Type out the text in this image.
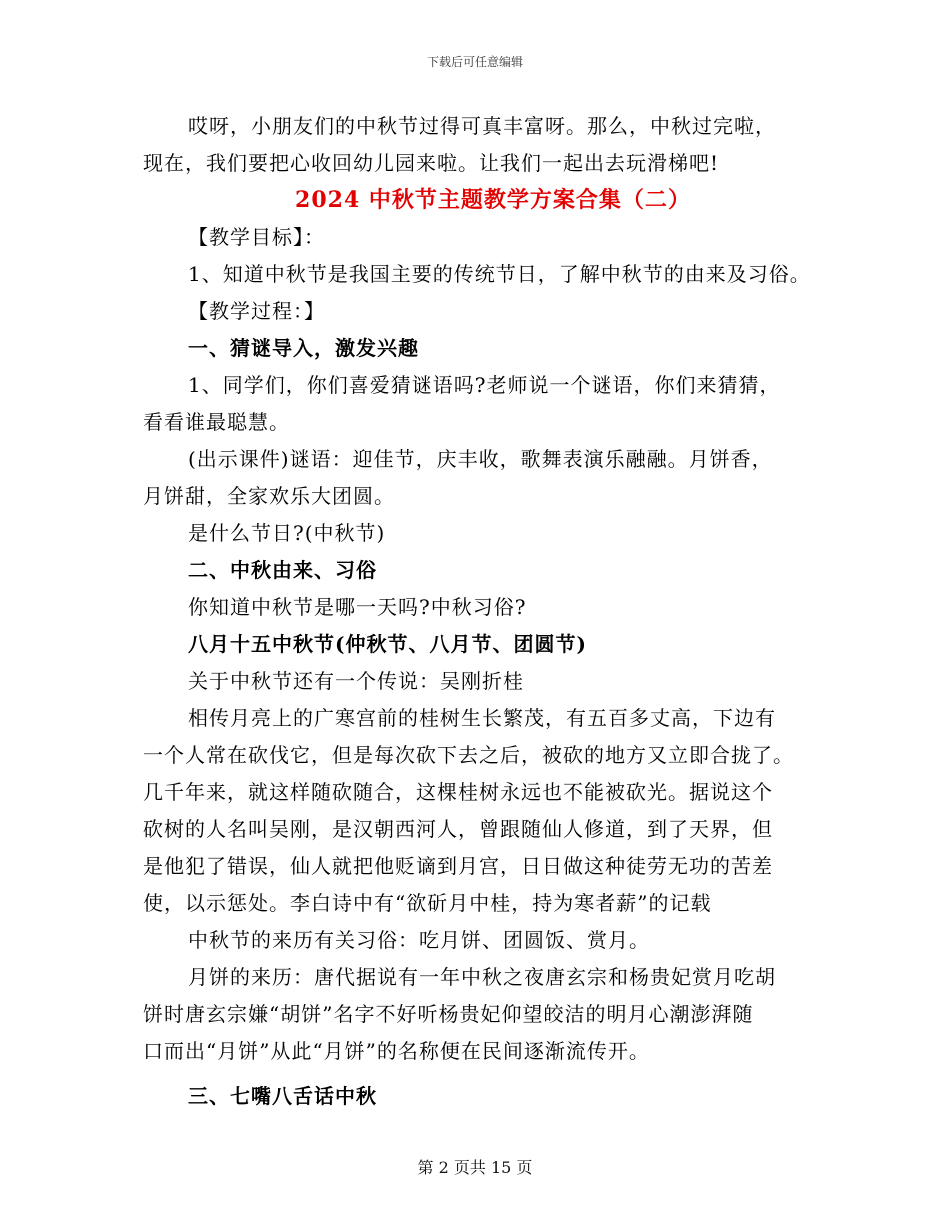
下载后可任意编辑
哎呀，小朋友们的中秋节过得可真丰富呀。那么，中秋过完啦，
现在，我们要把心收回幼儿园来啦。让我们一起出去玩滑梯吧!
2024 中秋节主题教学方案合集（二）
【教学目标】：
1、知道中秋节是我国主要的传统节日，了解中秋节的由来及习俗。
【教学过程：】
一、猜谜导入，激发兴趣
1、同学们，你们喜爱猜谜语吗?老师说一个谜语，你们来猜猜，
看看谁最聪慧。
(出示课件)谜语：迎佳节，庆丰收，歌舞表演乐融融。月饼香，
月饼甜，全家欢乐大团圆。
是什么节日?(中秋节)
二、中秋由来、习俗
你知道中秋节是哪一天吗?中秋习俗?
八月十五中秋节(仲秋节、八月节、团圆节)
关于中秋节还有一个传说：吴刚折桂
相传月亮上的广寒宫前的桂树生长繁茂，有五百多丈高，下边有
一个人常在砍伐它，但是每次砍下去之后，被砍的地方又立即合拢了。
几千年来，就这样随砍随合，这棵桂树永远也不能被砍光。据说这个
砍树的人名叫吴刚，是汉朝西河人，曾跟随仙人修道，到了天界，但
是他犯了错误，仙人就把他贬谪到月宫，日日做这种徒劳无功的苦差
使，以示惩处。李白诗中有“欲斫月中桂，持为寒者薪”的记载
中秋节的来历有关习俗：吃月饼、团圆饭、赏月。
月饼的来历：唐代据说有一年中秋之夜唐玄宗和杨贵妃赏月吃胡
饼时唐玄宗嫌“胡饼”名字不好听杨贵妃仰望皎洁的明月心潮澎湃随
口而出“月饼”从此“月饼”的名称便在民间逐渐流传开。
三、七嘴八舌话中秋
第 2 页共 15 页
